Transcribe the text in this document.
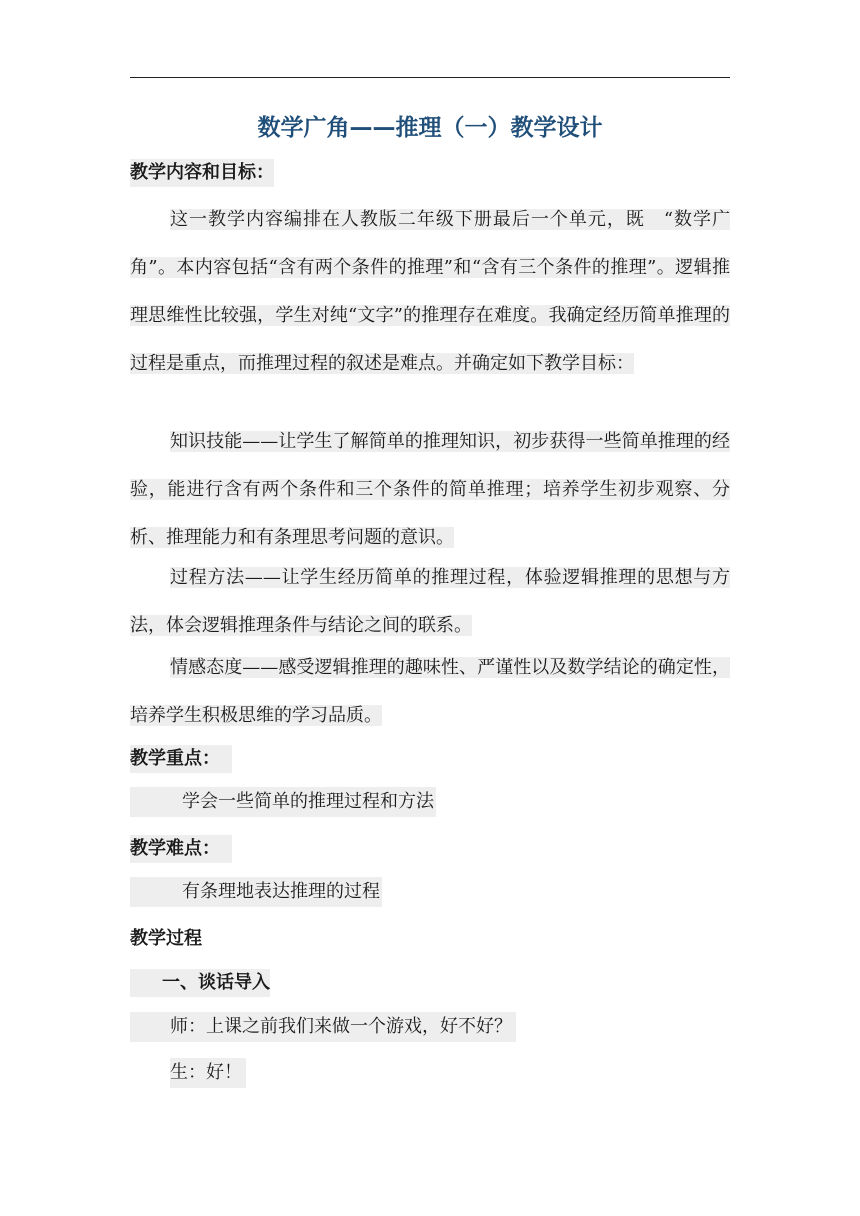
数学广角——推理（一）教学设计
教学内容和目标：
这一教学内容编排在人教版二年级下册最后一个单元，既　“数学广角”。本内容包括“含有两个条件的推理”和“含有三个条件的推理”。逻辑推理思维性比较强，学生对纯“文字”的推理存在难度。我确定经历简单推理的过程是重点，而推理过程的叙述是难点。并确定如下教学目标：
知识技能——让学生了解简单的推理知识，初步获得一些简单推理的经验，能进行含有两个条件和三个条件的简单推理；培养学生初步观察、分析、推理能力和有条理思考问题的意识。
过程方法——让学生经历简单的推理过程，体验逻辑推理的思想与方法，体会逻辑推理条件与结论之间的联系。
情感态度——感受逻辑推理的趣味性、严谨性以及数学结论的确定性，培养学生积极思维的学习品质。
教学重点：
学会一些简单的推理过程和方法
教学难点：
有条理地表达推理的过程
教学过程
一、谈话导入
师：上课之前我们来做一个游戏，好不好？
生：好！
